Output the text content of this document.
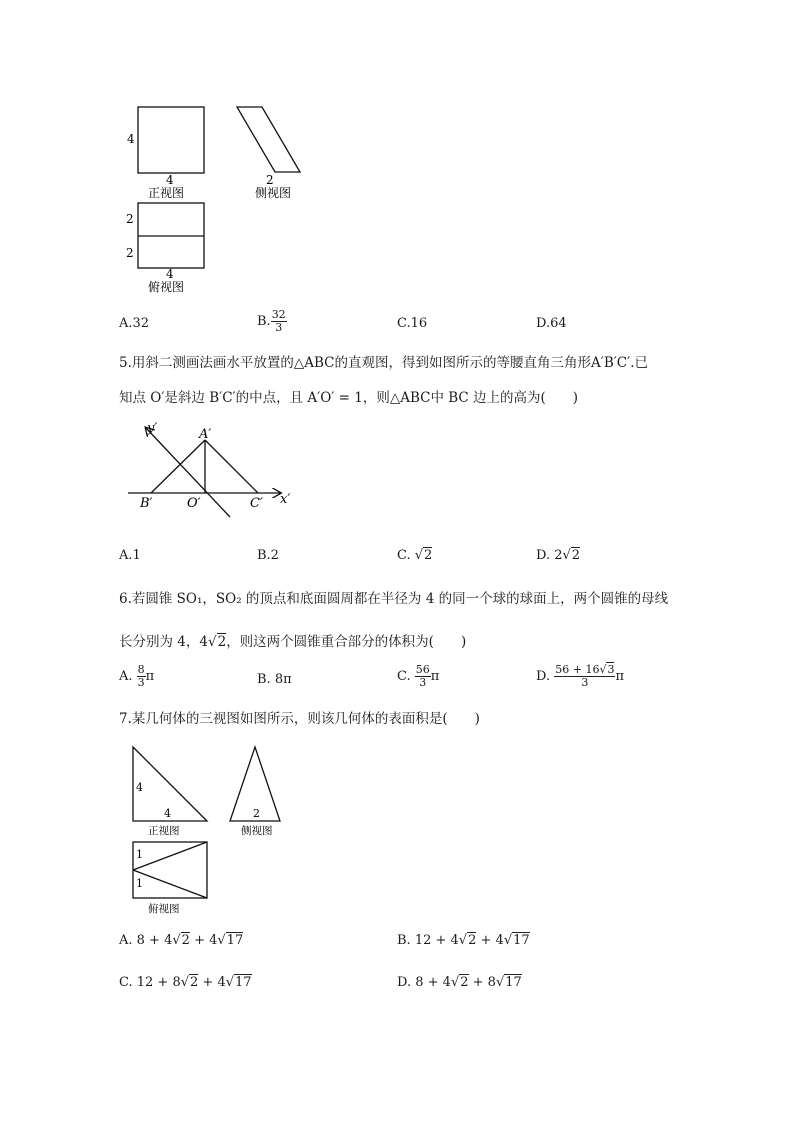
4
4
正视图
2
侧视图
2
2
4
俯视图
A.32	B. $\frac{32}{3}$	C.16	D.64
5.用斜二测画法画水平放置的△ABC的直观图，得到如图所示的等腰直角三角形A′B′C′.已
知点 O′是斜边 B′C′的中点，且 A′O′ = 1，则△ABC中 BC 边上的高为(　　)
y′	A′
B′	O′	C′ x′
A.1	B.2	C. √2	D. 2√2
6.若圆锥 SO₁，SO₂ 的顶点和底面圆周都在半径为 4 的同一个球的球面上，两个圆锥的母线
长分别为 4，4√2，则这两个圆锥重合部分的体积为(　　)
A. $\frac{8}{3}$ π	B. 8π	C. $\frac{56}{3}$ π	D. $\frac{56 + 16√3}{3}$ π
7.某几何体的三视图如图所示，则该几何体的表面积是(　　)
4
4
正视图
2
侧视图
1
1
俯视图
A. 8 + 4√2 + 4√17	B. 12 + 4√2 + 4√17
C. 12 + 8√2 + 4√17	D. 8 + 4√2 + 8√17
